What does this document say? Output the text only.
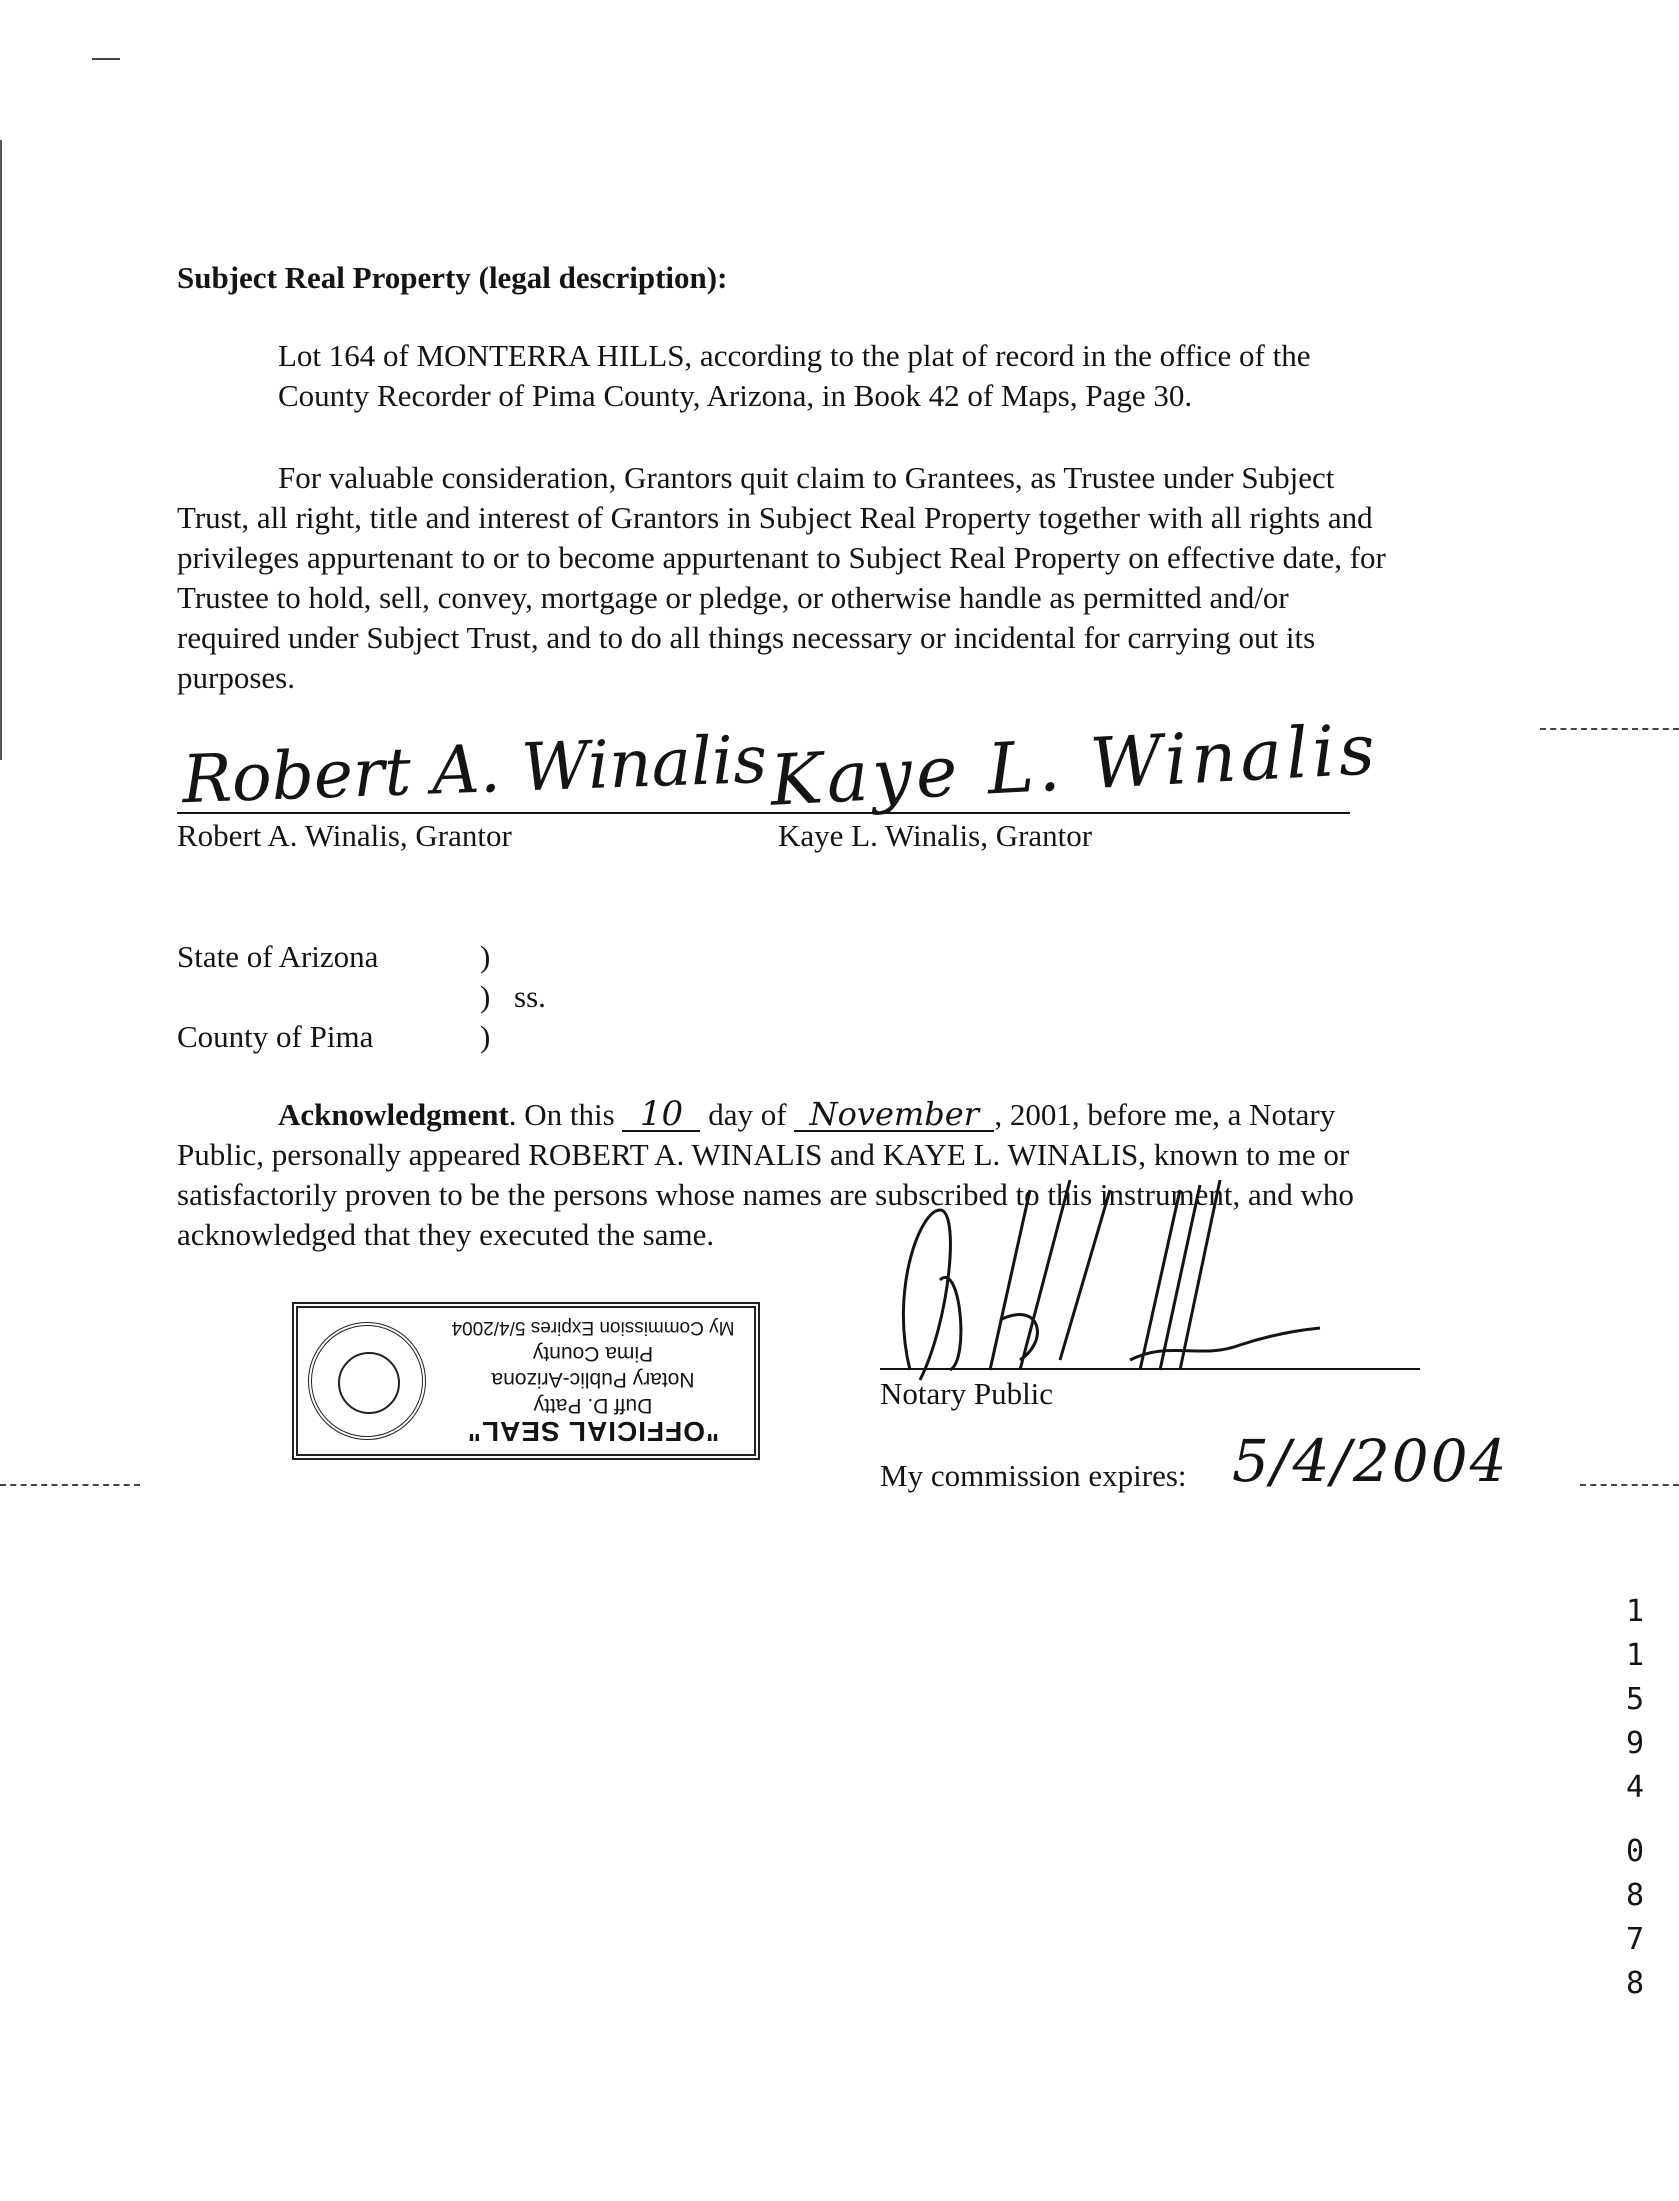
Subject Real Property (legal description):
Lot 164 of MONTERRA HILLS, according to the plat of record in the office of the
County Recorder of Pima County, Arizona, in Book 42 of Maps, Page 30.
For valuable consideration, Grantors quit claim to Grantees, as Trustee under Subject
Trust, all right, title and interest of Grantors in Subject Real Property together with all rights and
privileges appurtenant to or to become appurtenant to Subject Real Property on effective date, for
Trustee to hold, sell, convey, mortgage or pledge, or otherwise handle as permitted and/or
required under Subject Trust, and to do all things necessary or incidental for carrying out its
purposes.
Robert A. Winalis
Robert A. Winalis, Grantor
Kaye L. Winalis
Kaye L. Winalis, Grantor
State of Arizona	)
) ss.
County of Pima	)
Acknowledgment. On this 10 day of November , 2001, before me, a Notary
Public, personally appeared ROBERT A. WINALIS and KAYE L. WINALIS, known to me or
satisfactorily proven to be the persons whose names are subscribed to this instrument, and who
acknowledged that they executed the same.
"OFFICIAL SEAL"
Duff D. Patty
Notary Public-Arizona
Pima County
My Commission Expires 5/4/2004
Notary Public
My commission expires: 5/4/2004
1
1
5
9
4
0
8
7
8
